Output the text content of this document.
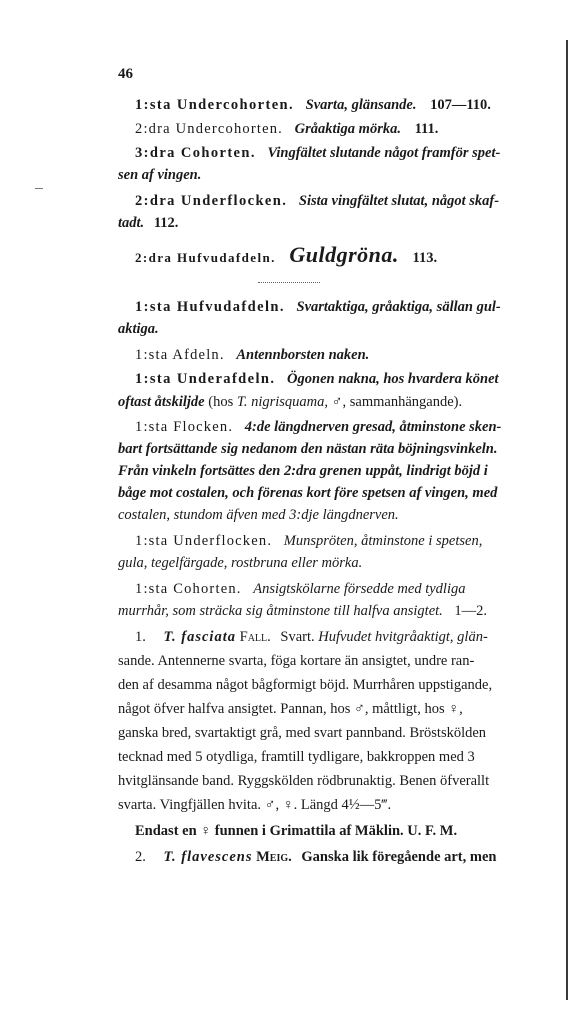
46
1:sta Undercohorten. Svarta, glänsande. 107—110.
2:dra Undercohorten. Gråaktiga mörka. 111.
3:dra Cohorten. Vingfältet slutande något framför spet-
sen af vingen.
2:dra Underflocken. Sista vingfältet slutat, något skaf-
tadt. 112.
2:dra Hufvudafdeln. Guldgröna. 113.
1:sta Hufvudafdeln. Svartaktiga, gråaktiga, sällan gul-
aktiga.
1:sta Afdeln. Antennborsten naken.
1:sta Underafdeln. Ögonen nakna, hos hvardera könet
oftast åtskiljde (hos T. nigrisquama, ♂, sammanhängande).
1:sta Flocken. 4:de längdnerven gresad, åtminstone sken-
bart fortsättande sig nedanom den nästan räta böjningsvinkeln.
Från vinkeln fortsättes den 2:dra grenen uppåt, lindrigt böjd i
båge mot costalen, och förenas kort före spetsen af vingen, med
costalen, stundom äfven med 3:dje längdnerven.
1:sta Underflocken. Munspröten, åtminstone i spetsen,
gula, tegelfärgade, rostbruna eller mörka.
1:sta Cohorten. Ansigtskölarne försedde med tydliga
murrhår, som sträcka sig åtminstone till halfva ansigtet. 1—2.
1. T. fasciata Fall. Svart. Hufvudet hvitgråaktigt, glän-
sande. Antennerne svarta, föga kortare än ansigtet, undre ran-
den af desamma något bågformigt böjd. Murrhåren uppstigande,
något öfver halfva ansigtet. Pannan, hos ♂, måttligt, hos ♀,
ganska bred, svartaktigt grå, med svart pannband. Bröstskölden
tecknad med 5 otydliga, framtill tydligare, bakkroppen med 3
hvitglänsande band. Ryggskölden rödbrunaktig. Benen öfverallt
svarta. Vingfjällen hvita. ♂, ♀. Längd 4½—5‴.
Endast en ♀ funnen i Grimattila af Mäklin. U. F. M.
2. T. flavescens Meig. Ganska lik föregående art, men
